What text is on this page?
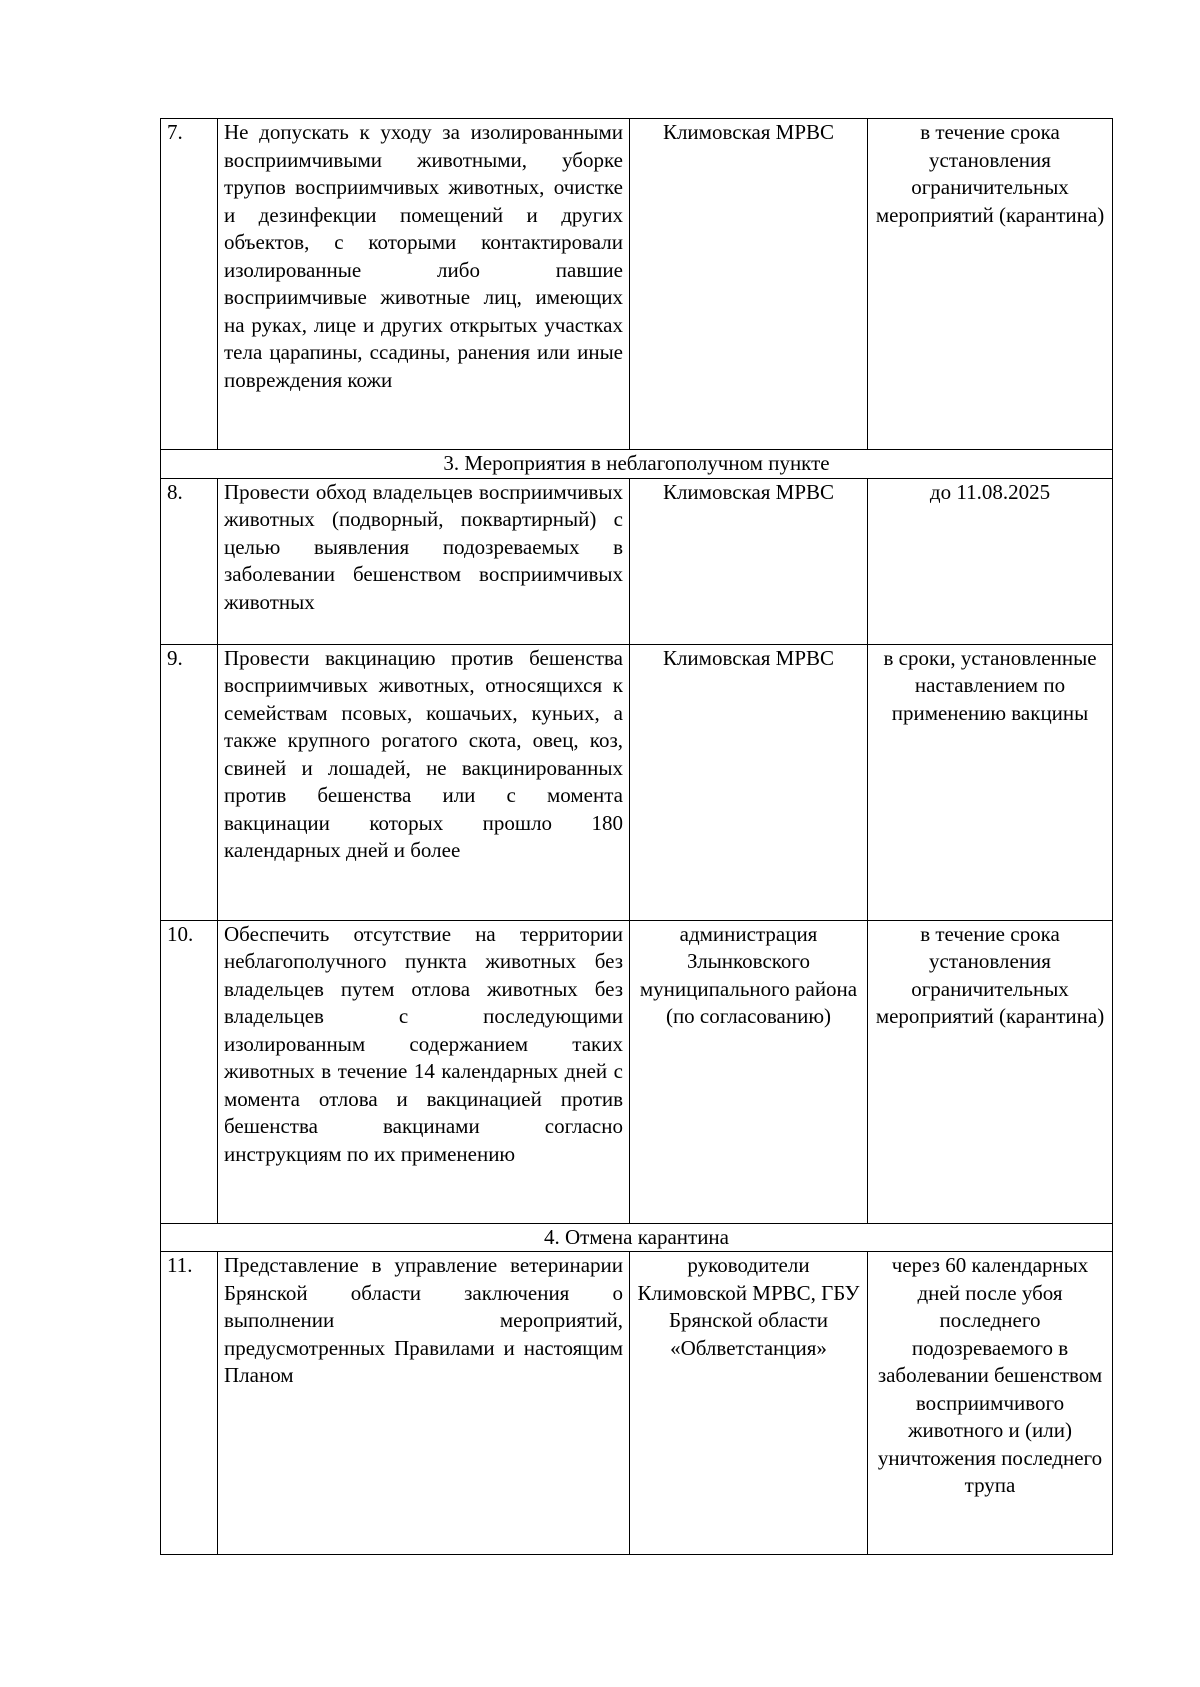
7.	Не допускать к уходу за изолированными восприимчивыми животными, уборке трупов восприимчивых животных, очистке и дезинфекции помещений и других объектов, с которыми контактировали изолированные либо павшие восприимчивые животные лиц, имеющих на руках, лице и других открытых участках тела царапины, ссадины, ранения или иные повреждения кожи	Климовская МРВС	в течение срока установления ограничительных мероприятий (карантина)
3. Мероприятия в неблагополучном пункте			
8.	Провести обход владельцев восприимчивых животных (подворный, поквартирный) с целью выявления подозреваемых в заболевании бешенством восприимчивых животных	Климовская МРВС	до 11.08.2025
9.	Провести вакцинацию против бешенства восприимчивых животных, относящихся к семействам псовых, кошачьих, куньих, а также крупного рогатого скота, овец, коз, свиней и лошадей, не вакцинированных против бешенства или с момента вакцинации которых прошло 180 календарных дней и более	Климовская МРВС	в сроки, установленные наставлением по применению вакцины
10.	Обеспечить отсутствие на территории неблагополучного пункта животных без владельцев путем отлова животных без владельцев с последующими изолированным содержанием таких животных в течение 14 календарных дней с момента отлова и вакцинацией против бешенства вакцинами согласно инструкциям по их применению	администрация Злынковского муниципального района (по согласованию)	в течение срока установления ограничительных мероприятий (карантина)
4. Отмена карантина			
11.	Представление в управление ветеринарии Брянской области заключения о выполнении мероприятий, предусмотренных Правилами и настоящим Планом	руководители Климовской МРВС, ГБУ Брянской области «Облветстанция»	через 60 календарных дней после убоя последнего подозреваемого в заболевании бешенством восприимчивого животного и (или) уничтожения последнего трупа
